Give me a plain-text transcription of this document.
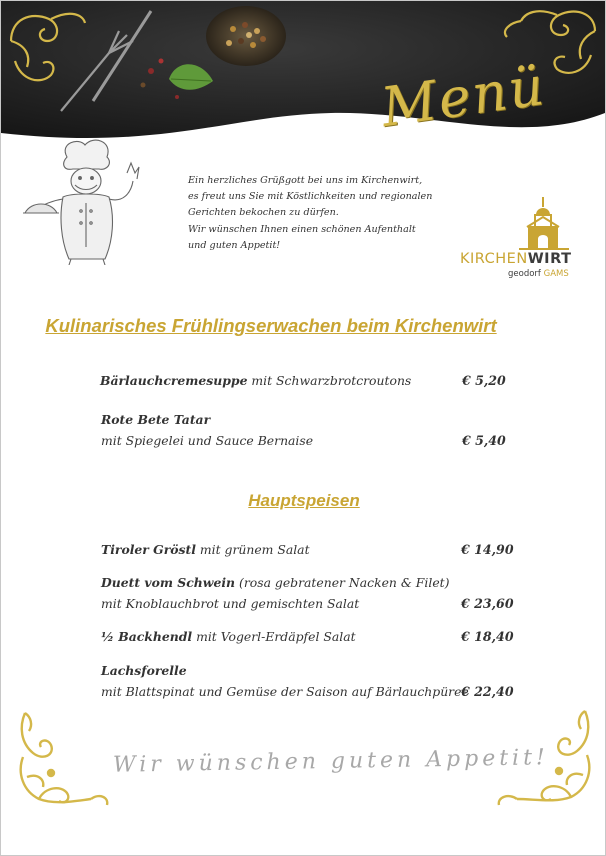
Menü
Ein herzliches Grüßgott bei uns im Kirchenwirt,
es freut uns Sie mit Köstlichkeiten und regionalen
Gerichten bekochen zu dürfen.
Wir wünschen Ihnen einen schönen Aufenthalt
und guten Appetit!
KIRCHENWIRT
geodorf GAMS
Kulinarisches Frühlingserwachen beim Kirchenwirt
Bärlauchcremesuppe mit Schwarzbrotcroutons	€ 5,20
Rote Bete Tatar
mit Spiegelei und Sauce Bernaise	€ 5,40
Hauptspeisen
Tiroler Gröstl mit grünem Salat	€ 14,90
Duett vom Schwein (rosa gebratener Nacken & Filet)
mit Knoblauchbrot und gemischten Salat	€ 23,60
½ Backhendl mit Vogerl-Erdäpfel Salat	€ 18,40
Lachsforelle
mit Blattspinat und Gemüse der Saison auf Bärlauchpüree
€ 22,40
Wir wünschen guten Appetit!
